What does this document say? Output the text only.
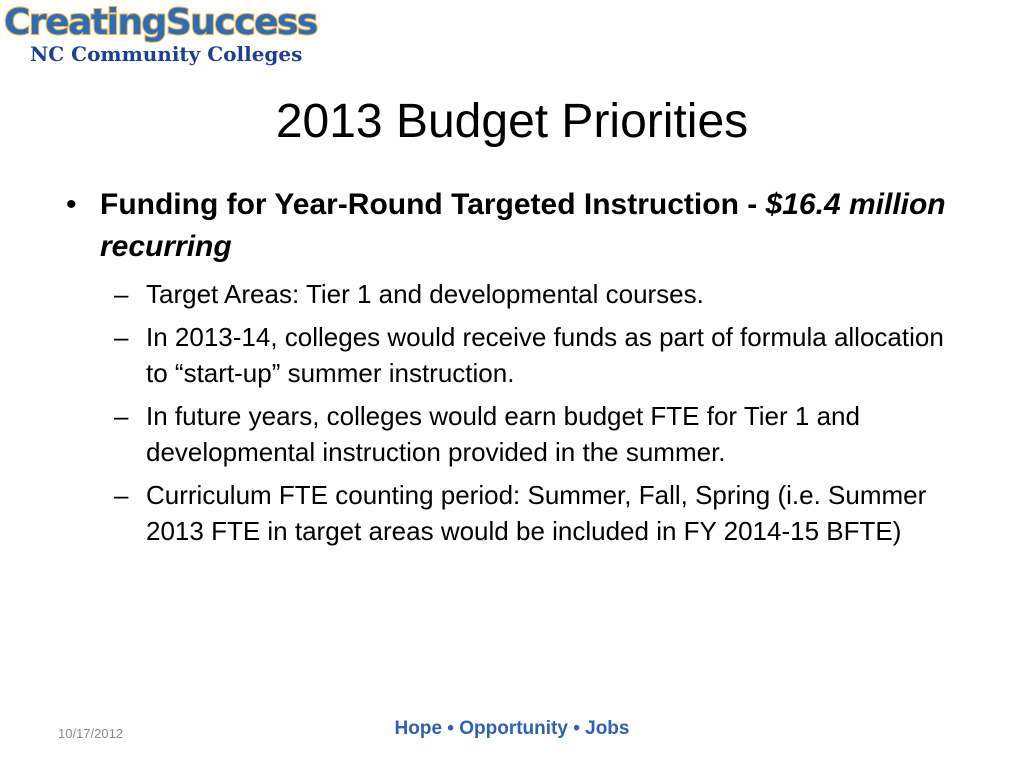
CreatingSuccess
NC Community Colleges
2013 Budget Priorities
• Funding for Year-Round Targeted Instruction - $16.4 million recurring
– Target Areas: Tier 1 and developmental courses.
– In 2013-14, colleges would receive funds as part of formula allocation to “start-up” summer instruction.
– In future years, colleges would earn budget FTE for Tier 1 and developmental instruction provided in the summer.
– Curriculum FTE counting period: Summer, Fall, Spring (i.e. Summer 2013 FTE in target areas would be included in FY 2014-15 BFTE)
10/17/2012	Hope • Opportunity • Jobs
